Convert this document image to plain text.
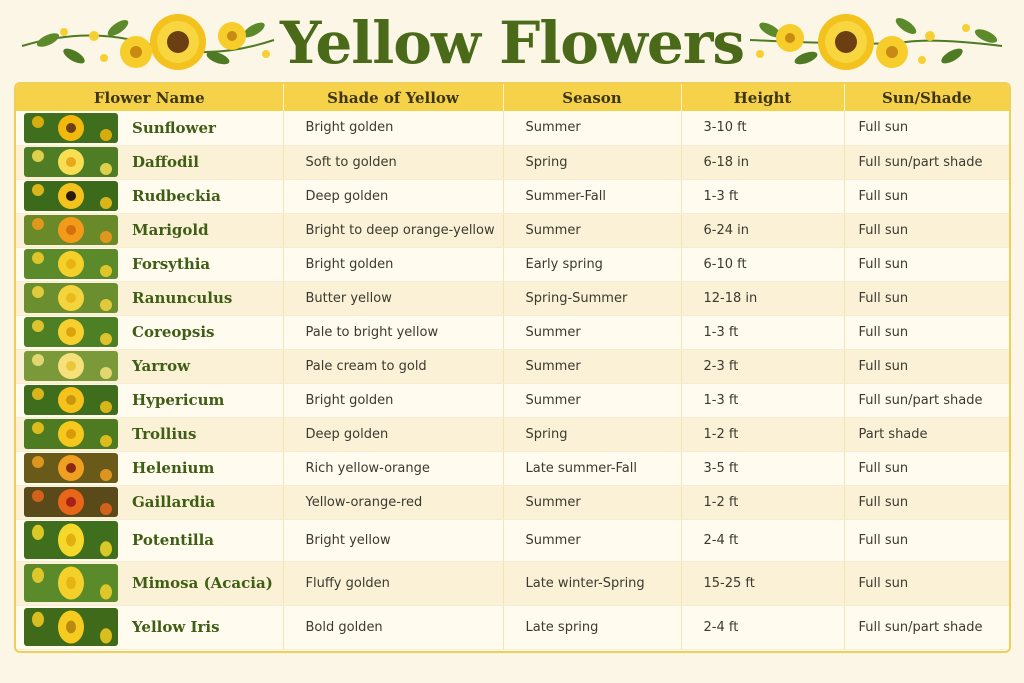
Yellow Flowers
Flower Name	Shade of Yellow	Season	Height	Sun/Shade

Sunflower	Bright golden	Summer	3-10 ft	Full sun

Daffodil	Soft to golden	Spring	6-18 in	Full sun/part shade

Rudbeckia	Deep golden	Summer-Fall	1-3 ft	Full sun

Marigold	Bright to deep orange-yellow	Summer	6-24 in	Full sun

Forsythia	Bright golden	Early spring	6-10 ft	Full sun

Ranunculus	Butter yellow	Spring-Summer	12-18 in	Full sun

Coreopsis	Pale to bright yellow	Summer	1-3 ft	Full sun

Yarrow	Pale cream to gold	Summer	2-3 ft	Full sun

Hypericum	Bright golden	Summer	1-3 ft	Full sun/part shade

Trollius	Deep golden	Spring	1-2 ft	Part shade

Helenium	Rich yellow-orange	Late summer-Fall	3-5 ft	Full sun

Gaillardia	Yellow-orange-red	Summer	1-2 ft	Full sun

Potentilla	Bright yellow	Summer	2-4 ft	Full sun

Mimosa (Acacia)	Fluffy golden	Late winter-Spring	15-25 ft	Full sun

Yellow Iris	Bold golden	Late spring	2-4 ft	Full sun/part shade
